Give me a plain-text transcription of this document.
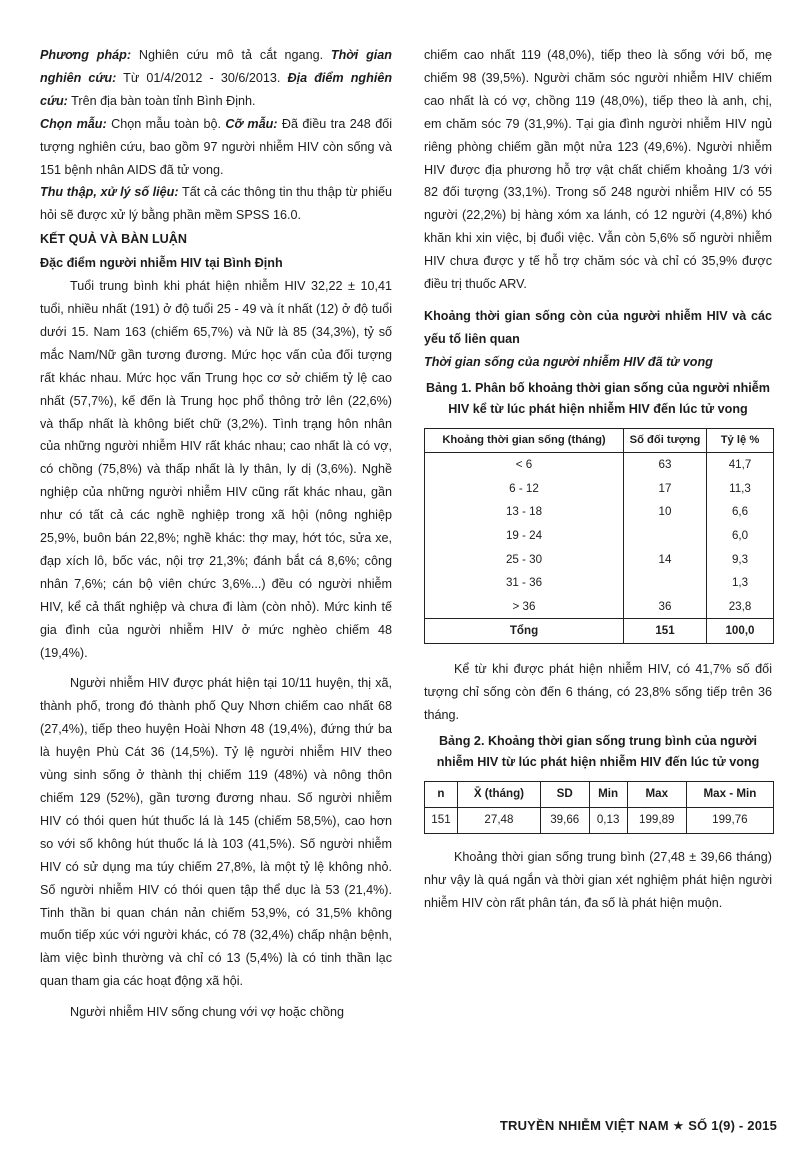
Phương pháp: Nghiên cứu mô tả cắt ngang. Thời gian nghiên cứu: Từ 01/4/2012 - 30/6/2013. Địa điểm nghiên cứu: Trên địa bàn toàn tỉnh Bình Định.

Chọn mẫu: Chọn mẫu toàn bộ. Cỡ mẫu: Đã điều tra 248 đối tượng nghiên cứu, bao gồm 97 người nhiễm HIV còn sống và 151 bệnh nhân AIDS đã tử vong.

Thu thập, xử lý số liệu: Tất cả các thông tin thu thập từ phiếu hỏi sẽ được xử lý bằng phần mềm SPSS 16.0.

KẾT QUẢ VÀ BÀN LUẬN

Đặc điểm người nhiễm HIV tại Bình Định

Tuổi trung bình khi phát hiện nhiễm HIV 32,22 ± 10,41 tuổi, nhiều nhất (191) ở độ tuổi 25 - 49 và ít nhất (12) ở độ tuổi dưới 15. Nam 163 (chiếm 65,7%) và Nữ là 85 (34,3%), tỷ số mắc Nam/Nữ gần tương đương. Mức học vấn của đối tượng rất khác nhau. Mức học vấn Trung học cơ sở chiếm tỷ lệ cao nhất (57,7%), kế đến là Trung học phổ thông trở lên (22,6%) và thấp nhất là không biết chữ (3,2%). Tình trạng hôn nhân của những người nhiễm HIV rất khác nhau; cao nhất là có vợ, có chồng (75,8%) và thấp nhất là ly thân, ly dị (3,6%). Nghề nghiệp của những người nhiễm HIV cũng rất khác nhau, gần như có tất cả các nghề nghiệp trong xã hội (nông nghiệp 25,9%, buôn bán 22,8%; nghề khác: thợ may, hớt tóc, sửa xe, đạp xích lô, bốc vác, nội trợ 21,3%; đánh bắt cá 8,6%; công nhân 7,6%; cán bộ viên chức 3,6%...) đều có người nhiễm HIV, kể cả thất nghiệp và chưa đi làm (còn nhỏ). Mức kinh tế gia đình của người nhiễm HIV ở mức nghèo chiếm 48 (19,4%).

Người nhiễm HIV được phát hiện tại 10/11 huyện, thị xã, thành phố, trong đó thành phố Quy Nhơn chiếm cao nhất 68 (27,4%), tiếp theo huyện Hoài Nhơn 48 (19,4%), đứng thứ ba là huyện Phù Cát 36 (14,5%). Tỷ lệ người nhiễm HIV theo vùng sinh sống ở thành thị chiếm 119 (48%) và nông thôn chiếm 129 (52%), gần tương đương nhau. Số người nhiễm HIV có thói quen hút thuốc lá là 145 (chiếm 58,5%), cao hơn so với số không hút thuốc lá là 103 (41,5%). Số người nhiễm HIV có sử dụng ma túy chiếm 27,8%, là một tỷ lệ không nhỏ. Số người nhiễm HIV có thói quen tập thể dục là 53 (21,4%). Tinh thần bi quan chán nản chiếm 53,9%, có 31,5% không muốn tiếp xúc với người khác, có 78 (32,4%) chấp nhận bệnh, làm việc bình thường và chỉ có 13 (5,4%) là có tinh thần lạc quan tham gia các hoạt động xã hội.

Người nhiễm HIV sống chung với vợ hoặc chồng

chiếm cao nhất 119 (48,0%), tiếp theo là sống với bố, mẹ chiếm 98 (39,5%). Người chăm sóc người nhiễm HIV chiếm cao nhất là có vợ, chồng 119 (48,0%), tiếp theo là anh, chị, em chăm sóc 79 (31,9%). Tại gia đình người nhiễm HIV ngủ riêng phòng chiếm gần một nửa 123 (49,6%). Người nhiễm HIV được địa phương hỗ trợ vật chất chiếm khoảng 1/3 với 82 đối tượng (33,1%). Trong số 248 người nhiễm HIV có 55 người (22,2%) bị hàng xóm xa lánh, có 12 người (4,8%) khó khăn khi xin việc, bị đuổi việc. Vẫn còn 5,6% số người nhiễm HIV chưa được y tế hỗ trợ chăm sóc và chỉ có 35,9% được điều trị thuốc ARV.

Khoảng thời gian sống còn của người nhiễm HIV và các yếu tố liên quan

Thời gian sống của người nhiễm HIV đã tử vong

Bảng 1. Phân bố khoảng thời gian sống của người nhiễm HIV kể từ lúc phát hiện nhiễm HIV đến lúc tử vong

Khoảng thời gian sống (tháng)	Số đối tượng	Tỷ lệ %
< 6	63	41,7
6 - 12	17	11,3
13 - 18	10	6,6
19 - 24		6,0
25 - 30	14	9,3
31 - 36		1,3
> 36	36	23,8
Tổng	151	100,0

Kể từ khi được phát hiện nhiễm HIV, có 41,7% số đối tượng chỉ sống còn đến 6 tháng, có 23,8% sống tiếp trên 36 tháng.

Bảng 2. Khoảng thời gian sống trung bình của người nhiễm HIV từ lúc phát hiện nhiễm HIV đến lúc tử vong

n	X̄ (tháng)	SD	Min	Max	Max - Min
151	27,48	39,66	0,13	199,89	199,76

Khoảng thời gian sống trung bình (27,48 ± 39,66 tháng) như vậy là quá ngắn và thời gian xét nghiệm phát hiện người nhiễm HIV còn rất phân tán, đa số là phát hiện muộn.

TRUYỀN NHIỄM VIỆT NAM ★ SỐ 1(9) - 2015
